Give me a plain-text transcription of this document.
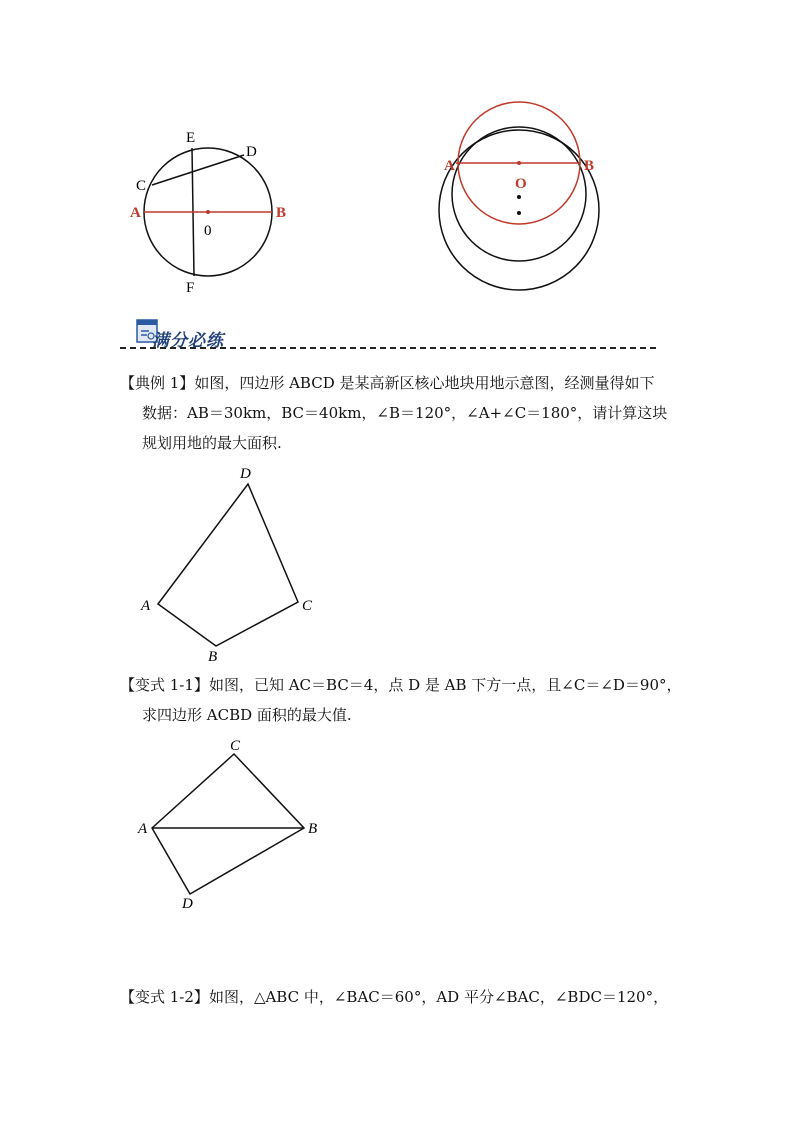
E
D
C
A	B
0
F
A	B
O
满分必练
【典例 1】如图，四边形 ABCD 是某高新区核心地块用地示意图，经测量得如下
数据：AB＝30km，BC＝40km，∠B＝120°，∠A+∠C＝180°，请计算这块
规划用地的最大面积.
D
A	C
B
【变式 1-1】如图，已知 AC＝BC＝4，点 D 是 AB 下方一点，且∠C＝∠D＝90°，
求四边形 ACBD 面积的最大值.
C
A	B
D
【变式 1-2】如图，△ABC 中，∠BAC＝60°，AD 平分∠BAC，∠BDC＝120°，
